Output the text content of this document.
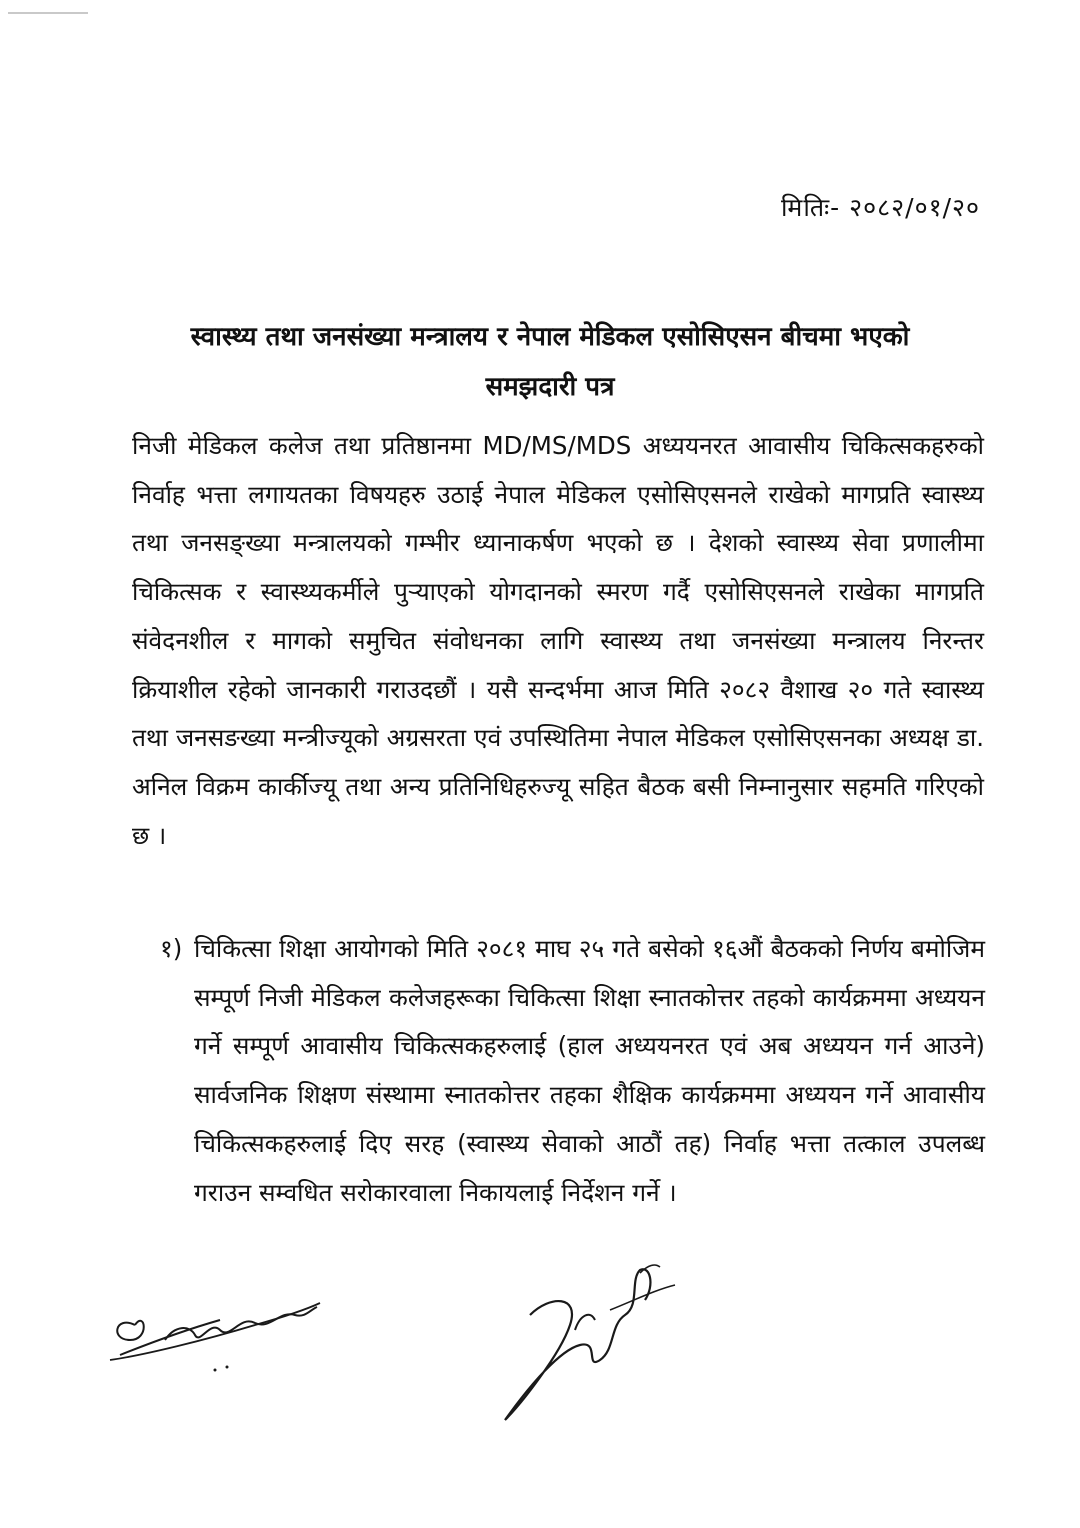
मितिः- २०८२/०१/२०
स्वास्थ्य तथा जनसंख्या मन्त्रालय र नेपाल मेडिकल एसोसिएसन बीचमा भएको
समझदारी पत्र
निजी मेडिकल कलेज तथा प्रतिष्ठानमा MD/MS/MDS अध्ययनरत आवासीय चिकित्सकहरुको निर्वाह भत्ता लगायतका विषयहरु उठाई नेपाल मेडिकल एसोसिएसनले राखेको मागप्रति स्वास्थ्य तथा जनसङ्ख्या मन्त्रालयको गम्भीर ध्यानाकर्षण भएको छ । देशको स्वास्थ्य सेवा प्रणालीमा चिकित्सक र स्वास्थ्यकर्मीले पुऱ्याएको योगदानको स्मरण गर्दै एसोसिएसनले राखेका मागप्रति संवेदनशील र मागको समुचित संवोधनका लागि स्वास्थ्य तथा जनसंख्या मन्त्रालय निरन्तर क्रियाशील रहेको जानकारी गराउदछौं । यसै सन्दर्भमा आज मिति २०८२ वैशाख २० गते स्वास्थ्य तथा जनसङख्या मन्त्रीज्यूको अग्रसरता एवं उपस्थितिमा नेपाल मेडिकल एसोसिएसनका अध्यक्ष डा. अनिल विक्रम कार्कीज्यू तथा अन्य प्रतिनिधिहरुज्यू सहित बैठक बसी निम्नानुसार सहमति गरिएको छ ।
१) चिकित्सा शिक्षा आयोगको मिति २०८१ माघ २५ गते बसेको १६औं बैठकको निर्णय बमोजिम सम्पूर्ण निजी मेडिकल कलेजहरूका चिकित्सा शिक्षा स्नातकोत्तर तहको कार्यक्रममा अध्ययन गर्ने सम्पूर्ण आवासीय चिकित्सकहरुलाई (हाल अध्ययनरत एवं अब अध्ययन गर्न आउने) सार्वजनिक शिक्षण संस्थामा स्नातकोत्तर तहका शैक्षिक कार्यक्रममा अध्ययन गर्ने आवासीय चिकित्सकहरुलाई दिए सरह (स्वास्थ्य सेवाको आठौं तह) निर्वाह भत्ता तत्काल उपलब्ध गराउन सम्वधित सरोकारवाला निकायलाई निर्देशन गर्ने ।
